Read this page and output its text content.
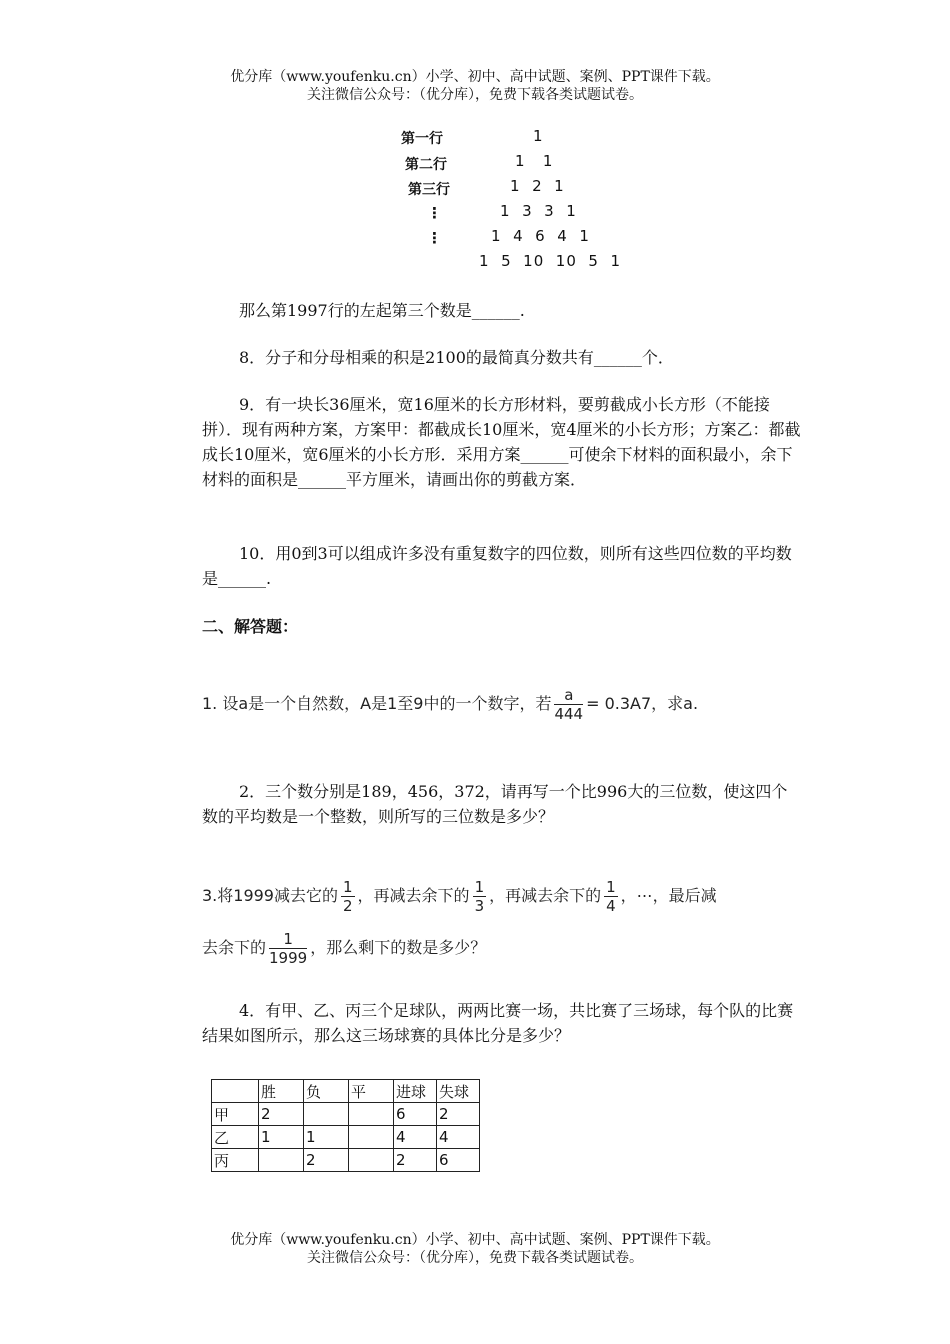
优分库（www.youfenku.cn）小学、初中、高中试题、案例、PPT课件下载。
关注微信公众号：（优分库），免费下载各类试题试卷。
第一行
第二行
第三行
⋮
⋮
1
1   1
1  2  1
1  3  3  1
1  4  6  4  1
1  5  10  10  5  1
那么第1997行的左起第三个数是______.
8．分子和分母相乘的积是2100的最简真分数共有______个．
9．有一块长36厘米，宽16厘米的长方形材料，要剪截成小长方形（不能接拼）．现有两种方案，方案甲：都截成长10厘米，宽4厘米的小长方形；方案乙：都截成长10厘米，宽6厘米的小长方形．采用方案______可使余下材料的面积最小，余下材料的面积是______平方厘米，请画出你的剪截方案．
10．用0到3可以组成许多没有重复数字的四位数，则所有这些四位数的平均数是______.
二、解答题：
1. 设a是一个自然数，A是1至9中的一个数字，若 $\frac{a}{444} = 0.3A7$，求a.
2．三个数分别是189，456，372，请再写一个比996大的三位数，使这四个数的平均数是一个整数，则所写的三位数是多少？
3.将1999减去它的 $\frac{1}{2}$ ，再减去余下的 $\frac{1}{3}$ ，再减去余下的 $\frac{1}{4}$ ，⋯，最后减
去余下的 $\frac{1}{1999}$ ，那么剩下的数是多少？
4．有甲、乙、丙三个足球队，两两比赛一场，共比赛了三场球，每个队的比赛结果如图所示，那么这三场球赛的具体比分是多少？
	胜	负	平	进球	失球
甲	2			6	2
乙	1	1		4	4
丙		2		2	6
优分库（www.youfenku.cn）小学、初中、高中试题、案例、PPT课件下载。
关注微信公众号：（优分库），免费下载各类试题试卷。
